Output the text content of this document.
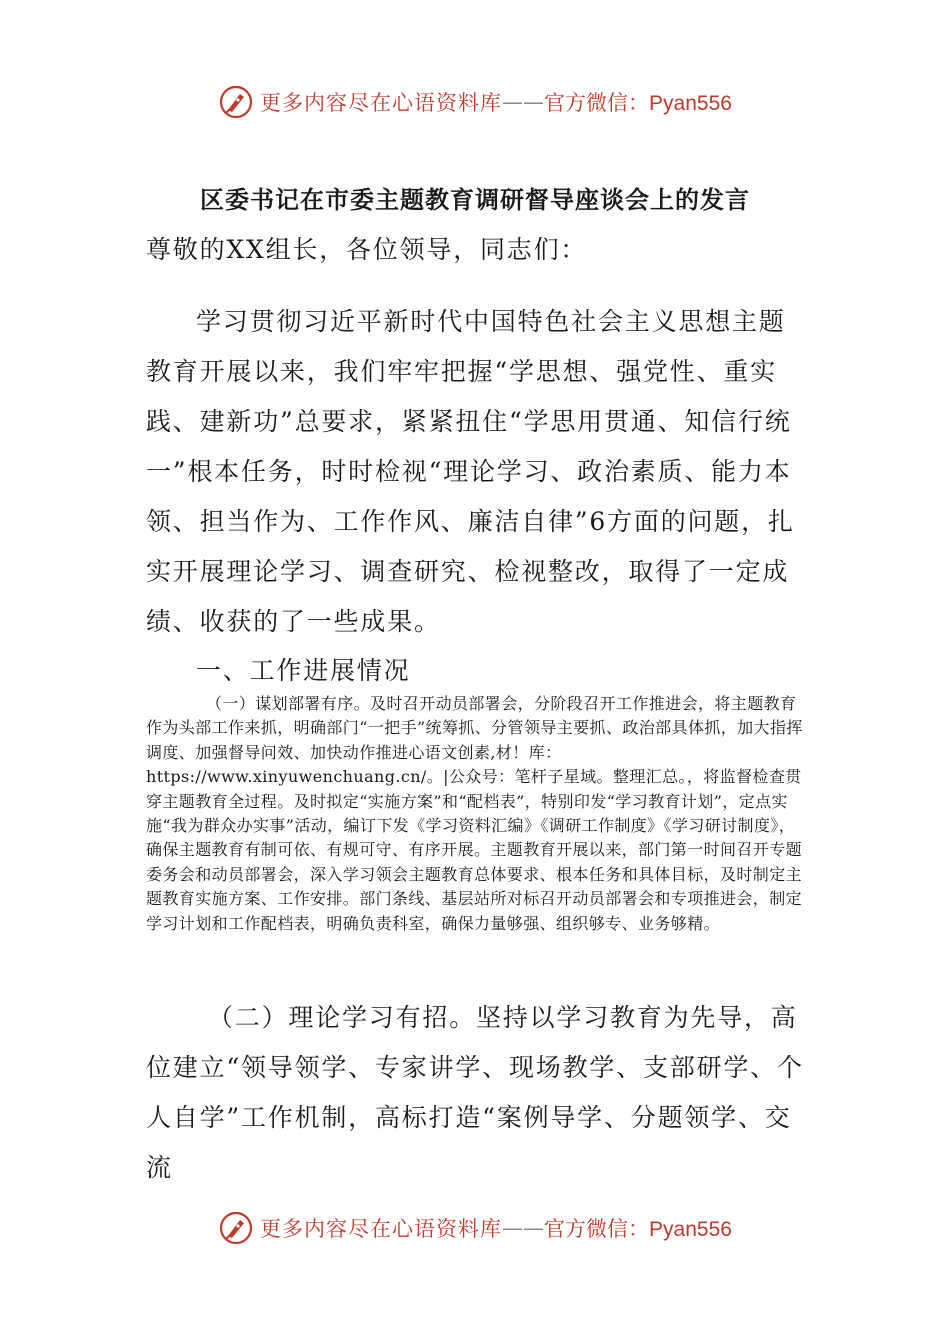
更多内容尽在心语资料库 —— 官方微信：Pyan556
区委书记在市委主题教育调研督导座谈会上的发言

尊敬的XX组长，各位领导，同志们：

学习贯彻习近平新时代中国特色社会主义思想主题教育开展以来，我们牢牢把握“学思想、强党性、重实践、建新功”总要求，紧紧扭住“学思用贯通、知信行统一”根本任务，时时检视“理论学习、政治素质、能力本领、担当作为、工作作风、廉洁自律”6方面的问题，扎实开展理论学习、调查研究、检视整改，取得了一定成绩、收获的了一些成果。

一、工作进展情况

（一）谋划部署有序。及时召开动员部署会，分阶段召开工作推进会，将主题教育作为头部工作来抓，明确部门“一把手”统筹抓、分管领导主要抓、政治部具体抓，加大指挥调度、加强督导问效、加快动作推进心语文创素,材！库：https://www.xinyuwenchuang.cn/。|公众号：笔杆子星域。整理汇总。，将监督检查贯穿主题教育全过程。及时拟定“实施方案”和“配档表”，特别印发“学习教育计划”，定点实施“我为群众办实事”活动，编订下发《学习资料汇编》《调研工作制度》《学习研讨制度》，确保主题教育有制可依、有规可守、有序开展。主题教育开展以来，部门第一时间召开专题委务会和动员部署会，深入学习领会主题教育总体要求、根本任务和具体目标，及时制定主题教育实施方案、工作安排。部门条线、基层站所对标召开动员部署会和专项推进会，制定学习计划和工作配档表，明确负责科室，确保力量够强、组织够专、业务够精。

（二）理论学习有招。坚持以学习教育为先导，高位建立“领导领学、专家讲学、现场教学、支部研学、个人自学”工作机制，高标打造“案例导学、分题领学、交流

更多内容尽在心语资料库 —— 官方微信：Pyan556
